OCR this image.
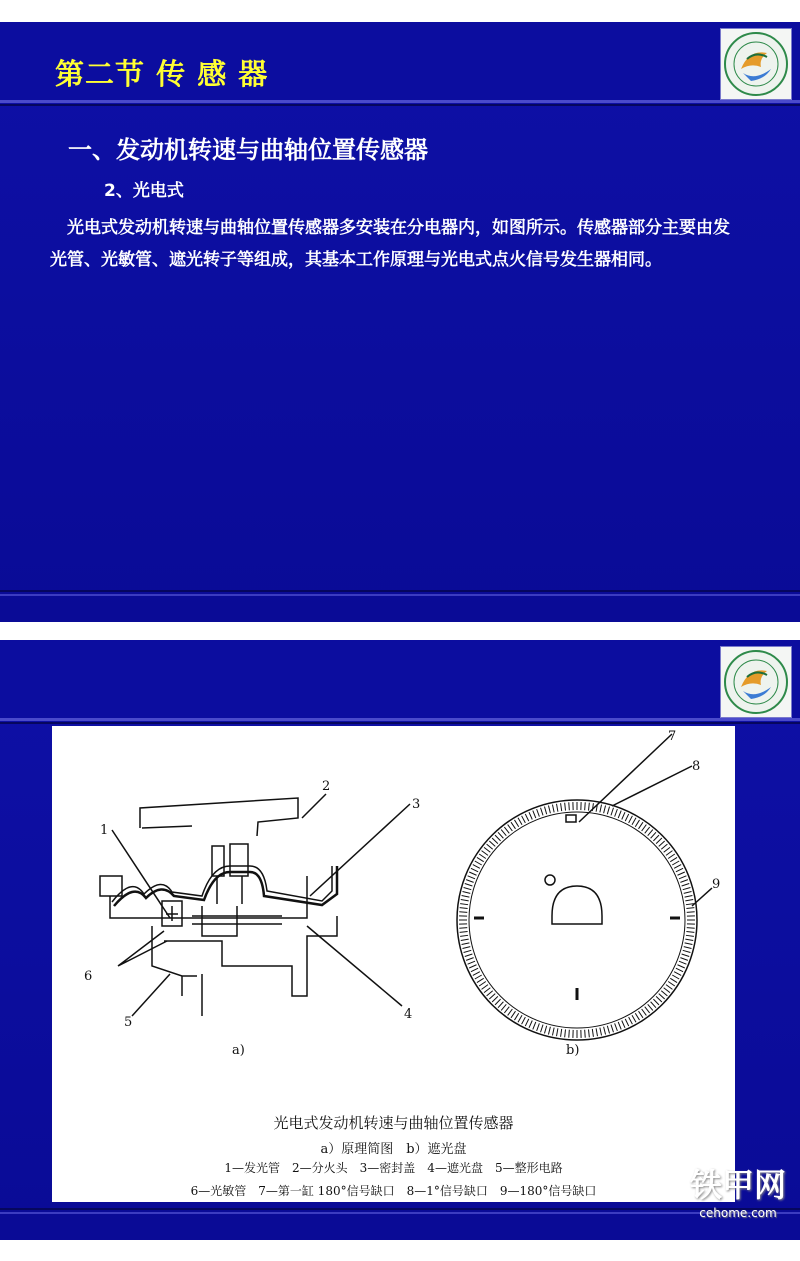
第二节 传 感 器
一、发动机转速与曲轴位置传感器
2、光电式
光电式发动机转速与曲轴位置传感器多安装在分电器内，如图所示。传感器部分主要由发光管、光敏管、遮光转子等组成，其基本工作原理与光电式点火信号发生器相同。
2
3
1
4
6
5
7
8
9
a)	b)
光电式发动机转速与曲轴位置传感器
a）原理简图　b）遮光盘
1—发光管　2—分火头　3—密封盖　4—遮光盘　5—整形电路
6—光敏管　7—第一缸 180°信号缺口　8—1°信号缺口　9—180°信号缺口	铁甲网
cehome.com
